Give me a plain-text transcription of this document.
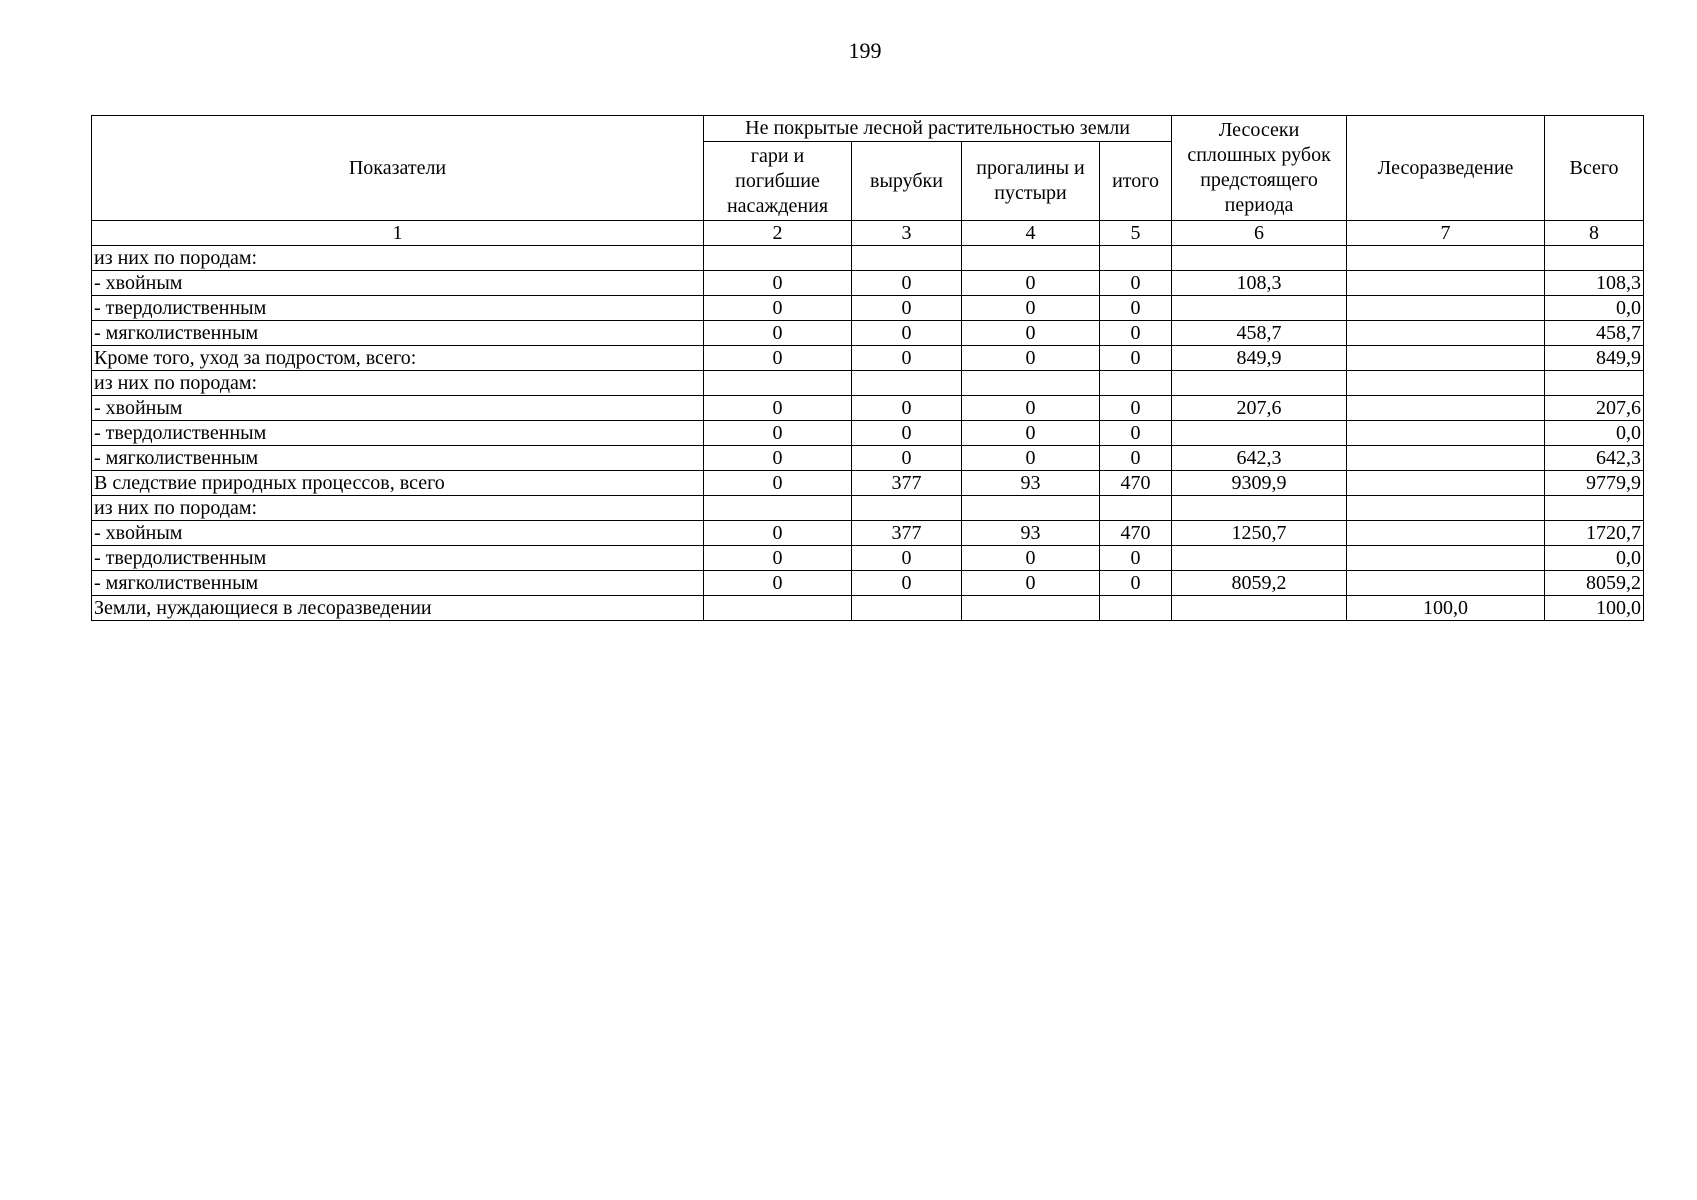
199
Показатели	Не покрытые лесной растительностью земли				Лесосеки сплошных рубок предстоящего периода	Лесоразведение	Всего
	гари и погибшие насаждения	вырубки	прогалины и пустыри	итого			
1	2	3	4	5	6	7	8
из них по породам:							
- хвойным	0	0	0	0	108,3		108,3
- твердолиственным	0	0	0	0			0,0
- мягколиственным	0	0	0	0	458,7		458,7
Кроме того, уход за подростом, всего:	0	0	0	0	849,9		849,9
из них по породам:							
- хвойным	0	0	0	0	207,6		207,6
- твердолиственным	0	0	0	0			0,0
- мягколиственным	0	0	0	0	642,3		642,3
В следствие природных процессов, всего	0	377	93	470	9309,9		9779,9
из них по породам:							
- хвойным	0	377	93	470	1250,7		1720,7
- твердолиственным	0	0	0	0			0,0
- мягколиственным	0	0	0	0	8059,2		8059,2
Земли, нуждающиеся в лесоразведении						100,0	100,0
